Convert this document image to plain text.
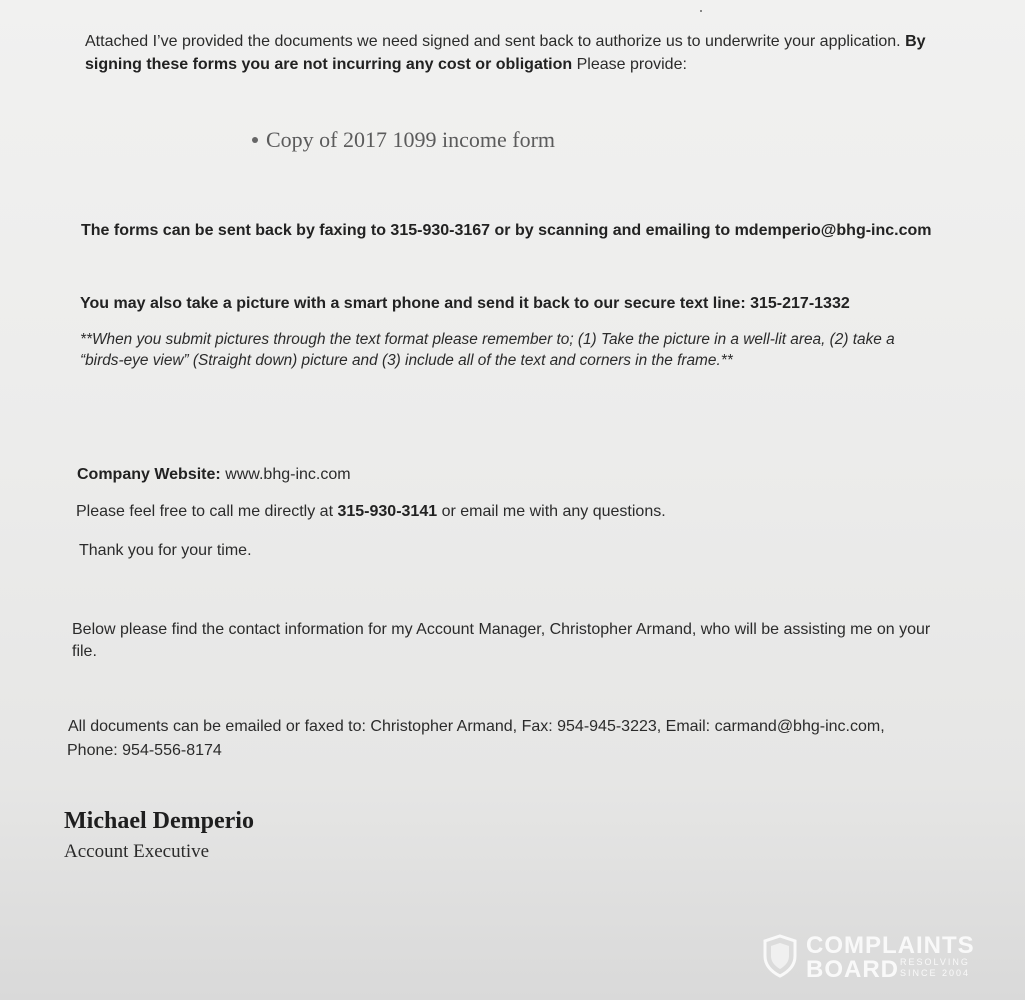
Attached I’ve provided the documents we need signed and sent back to authorize us to underwrite your application. By
signing these forms you are not incurring any cost or obligation Please provide:
Copy of 2017 1099 income form
The forms can be sent back by faxing to 315-930-3167 or by scanning and emailing to mdemperio@bhg-inc.com
You may also take a picture with a smart phone and send it back to our secure text line: 315-217-1332
**When you submit pictures through the text format please remember to; (1) Take the picture in a well-lit area, (2) take a
“birds-eye view” (Straight down) picture and (3) include all of the text and corners in the frame.**
Company Website: www.bhg-inc.com
Please feel free to call me directly at 315-930-3141 or email me with any questions.
Thank you for your time.
Below please find the contact information for my Account Manager, Christopher Armand, who will be assisting me on your
file.
All documents can be emailed or faxed to: Christopher Armand, Fax: 954-945-3223, Email: carmand@bhg-inc.com,
Phone: 954-556-8174
Michael Demperio
Account Executive
COMPLAINTS
BOARD RESOLVING
SINCE 2004
